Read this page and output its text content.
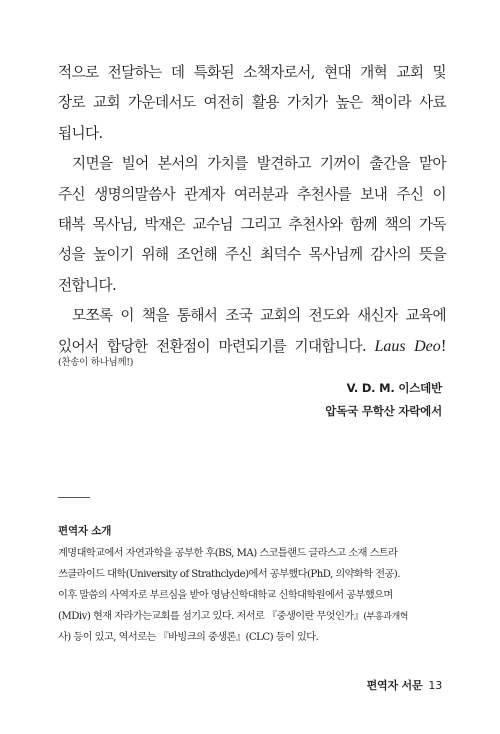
적으로 전달하는 데 특화된 소책자로서, 현대 개혁 교회 및

장로 교회 가운데서도 여전히 활용 가치가 높은 책이라 사료

됩니다.

지면을 빌어 본서의 가치를 발견하고 기꺼이 출간을 맡아

주신 생명의말씀사 관계자 여러분과 추천사를 보내 주신 이

태복 목사님, 박재은 교수님 그리고 추천사와 함께 책의 가독

성을 높이기 위해 조언해 주신 최덕수 목사님께 감사의 뜻을

전합니다.

모쪼록 이 책을 통해서 조국 교회의 전도와 새신자 교육에

있어서 합당한 전환점이 마련되기를 기대합니다. Laus Deo!

(찬송이 하나님께!)
V. D. M. 이스데반
압독국 무학산 자락에서
편역자 소개

계명대학교에서 자연과학을 공부한 후(BS, MA) 스코틀랜드 글라스고 소재 스트라

쓰클라이드 대학(University of Strathclyde)에서 공부했다(PhD, 의약화학 전공).

이후 말씀의 사역자로 부르심을 받아 영남신학대학교 신학대학원에서 공부했으며

(MDiv) 현재 자라가는교회를 섬기고 있다. 저서로 『중생이란 무엇인가』(부흥과개혁

사) 등이 있고, 역서로는 『바빙크의 중생론』(CLC) 등이 있다.

편역자 서문 13
